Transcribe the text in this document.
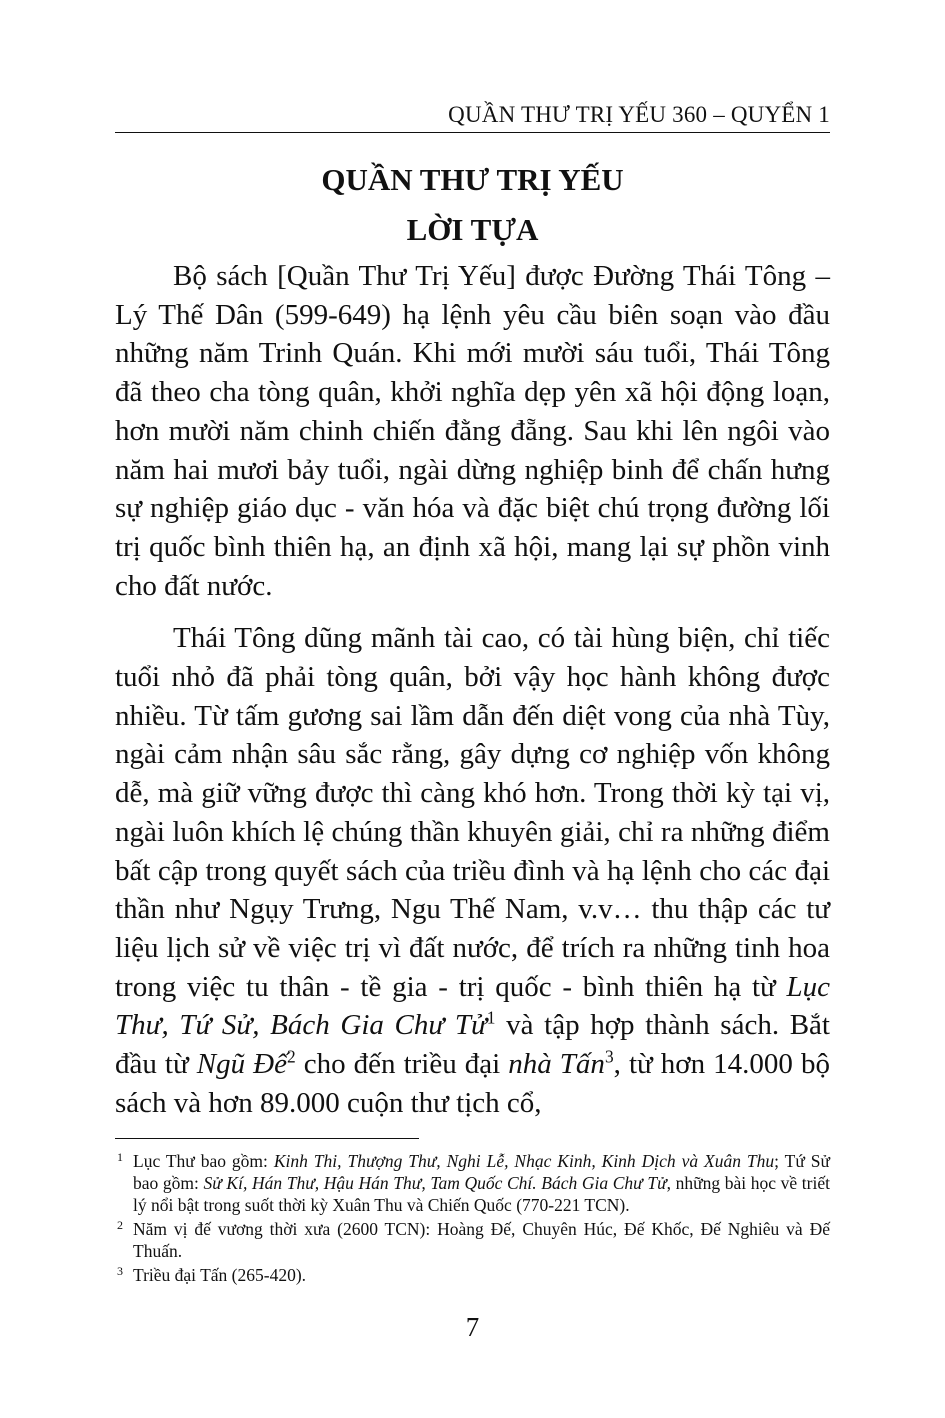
QUẦN THƯ TRỊ YẾU 360 – QUYỂN 1
QUẦN THƯ TRỊ YẾU
LỜI TỰA

Bộ sách [Quần Thư Trị Yếu] được Đường Thái Tông – Lý Thế Dân (599-649) hạ lệnh yêu cầu biên soạn vào đầu những năm Trinh Quán. Khi mới mười sáu tuổi, Thái Tông đã theo cha tòng quân, khởi nghĩa dẹp yên xã hội động loạn, hơn mười năm chinh chiến đằng đẵng. Sau khi lên ngôi vào năm hai mươi bảy tuổi, ngài dừng nghiệp binh để chấn hưng sự nghiệp giáo dục - văn hóa và đặc biệt chú trọng đường lối trị quốc bình thiên hạ, an định xã hội, mang lại sự phồn vinh cho đất nước.

Thái Tông dũng mãnh tài cao, có tài hùng biện, chỉ tiếc tuổi nhỏ đã phải tòng quân, bởi vậy học hành không được nhiều. Từ tấm gương sai lầm dẫn đến diệt vong của nhà Tùy, ngài cảm nhận sâu sắc rằng, gây dựng cơ nghiệp vốn không dễ, mà giữ vững được thì càng khó hơn. Trong thời kỳ tại vị, ngài luôn khích lệ chúng thần khuyên giải, chỉ ra những điểm bất cập trong quyết sách của triều đình và hạ lệnh cho các đại thần như Ngụy Trưng, Ngu Thế Nam, v.v… thu thập các tư liệu lịch sử về việc trị vì đất nước, để trích ra những tinh hoa trong việc tu thân - tề gia - trị quốc - bình thiên hạ từ Lục Thư, Tứ Sử, Bách Gia Chư Tử$^1$ và tập hợp thành sách. Bắt đầu từ Ngũ Đế$^2$ cho đến triều đại nhà Tấn$^3$, từ hơn 14.000 bộ sách và hơn 89.000 cuộn thư tịch cổ,

1 Lục Thư bao gồm: Kinh Thi, Thượng Thư, Nghi Lễ, Nhạc Kinh, Kinh Dịch và Xuân Thu; Tứ Sử bao gồm: Sử Kí, Hán Thư, Hậu Hán Thư, Tam Quốc Chí. Bách Gia Chư Tử, những bài học về triết lý nổi bật trong suốt thời kỳ Xuân Thu và Chiến Quốc (770-221 TCN).
2 Năm vị đế vương thời xưa (2600 TCN): Hoàng Đế, Chuyên Húc, Đế Khốc, Đế Nghiêu và Đế Thuấn.
3 Triều đại Tấn (265-420).
7
